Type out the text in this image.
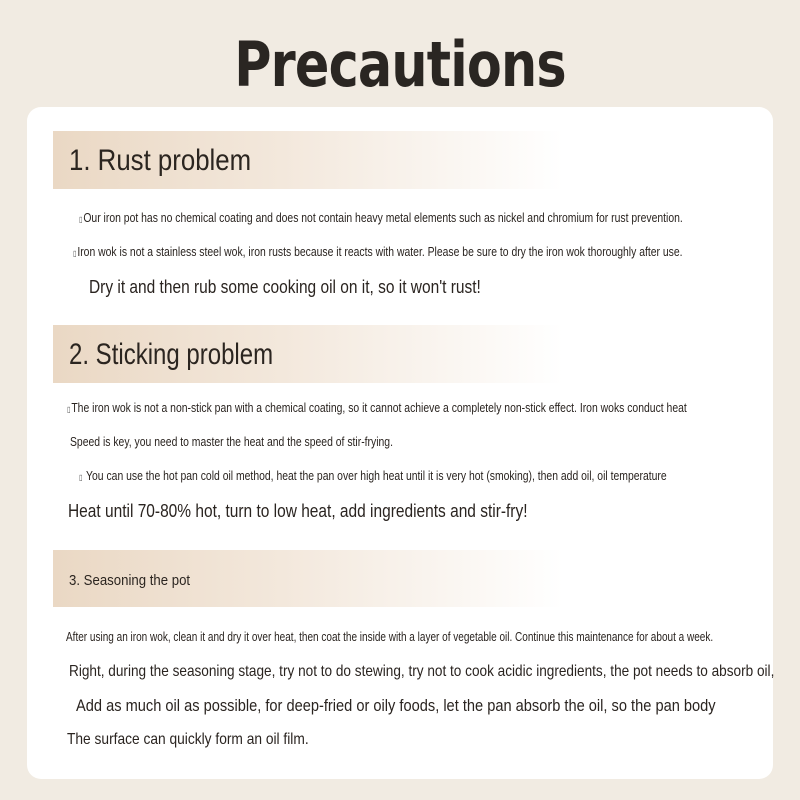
Precautions
1. Rust problem
▯Our iron pot has no chemical coating and does not contain heavy metal elements such as nickel and chromium for rust prevention.
▯Iron wok is not a stainless steel wok, iron rusts because it reacts with water. Please be sure to dry the iron wok thoroughly after use.
Dry it and then rub some cooking oil on it, so it won't rust!
2. Sticking problem
▯The iron wok is not a non-stick pan with a chemical coating, so it cannot achieve a completely non-stick effect. Iron woks conduct heat
Speed is key, you need to master the heat and the speed of stir-frying.
▯ You can use the hot pan cold oil method, heat the pan over high heat until it is very hot (smoking), then add oil, oil temperature
Heat until 70-80% hot, turn to low heat, add ingredients and stir-fry!
3. Seasoning the pot
After using an iron wok, clean it and dry it over heat, then coat the inside with a layer of vegetable oil. Continue this maintenance for about a week.
Right, during the seasoning stage, try not to do stewing, try not to cook acidic ingredients, the pot needs to absorb oil,
Add as much oil as possible, for deep-fried or oily foods, let the pan absorb the oil, so the pan body
The surface can quickly form an oil film.
